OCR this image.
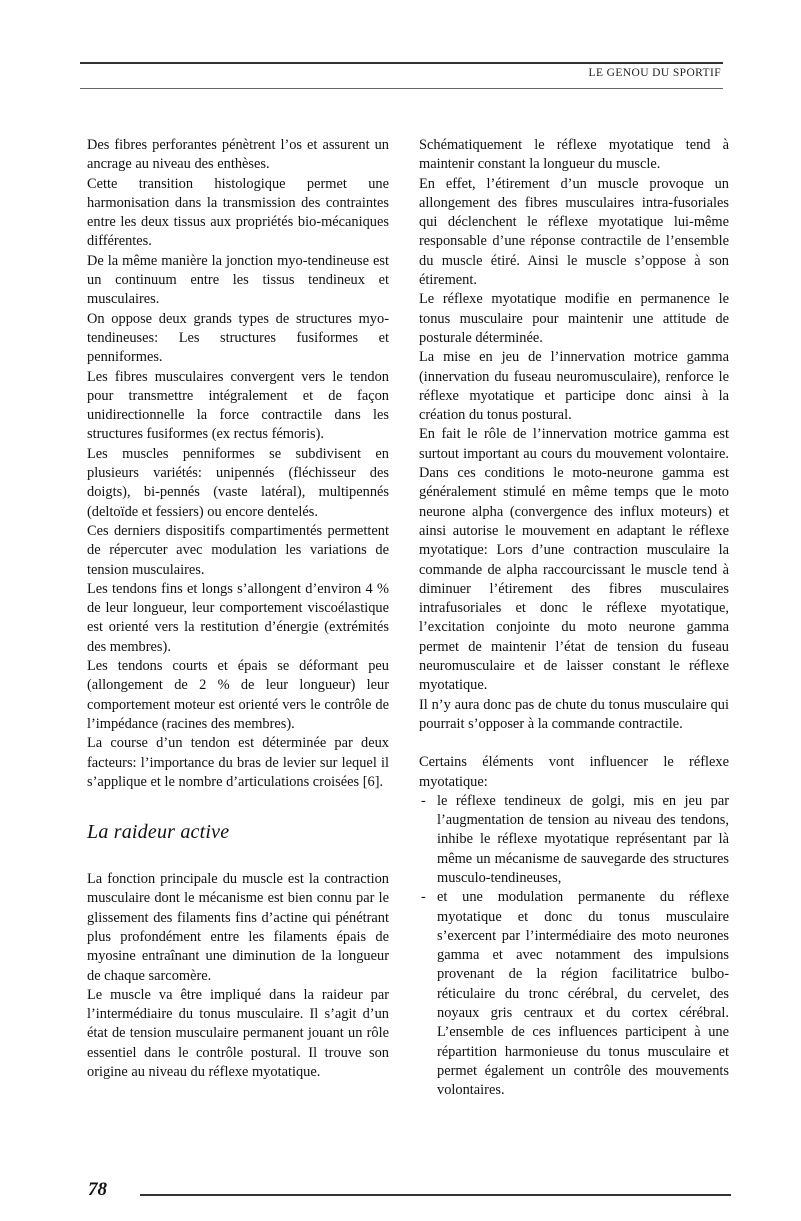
LE GENOU DU SPORTIF

Des fibres perforantes pénètrent l’os et assurent un ancrage au niveau des enthèses.

Cette transition histologique permet une harmonisation dans la transmission des contraintes entre les deux tissus aux propriétés bio-mécaniques différentes.

De la même manière la jonction myo-tendineuse est un continuum entre les tissus tendineux et musculaires.

On oppose deux grands types de structures myo-tendineuses: Les structures fusiformes et penniformes.

Les fibres musculaires convergent vers le tendon pour transmettre intégralement et de façon unidirectionnelle la force contractile dans les structures fusiformes (ex rectus fémoris).

Les muscles penniformes se subdivisent en plusieurs variétés: unipennés (fléchisseur des doigts), bi-pennés (vaste latéral), multipennés (deltoïde et fessiers) ou encore dentelés.

Ces derniers dispositifs compartimentés permettent de répercuter avec modulation les variations de tension musculaires.

Les tendons fins et longs s’allongent d’environ 4 % de leur longueur, leur comportement viscoélastique est orienté vers la restitution d’énergie (extrémités des membres).

Les tendons courts et épais se déformant peu (allongement de 2 % de leur longueur) leur comportement moteur est orienté vers le contrôle de l’impédance (racines des membres).

La course d’un tendon est déterminée par deux facteurs: l’importance du bras de levier sur lequel il s’applique et le nombre d’articulations croisées [6].

La raideur active

La fonction principale du muscle est la contraction musculaire dont le mécanisme est bien connu par le glissement des filaments fins d’actine qui pénétrant plus profondément entre les filaments épais de myosine entraînant une diminution de la longueur de chaque sarcomère.

Le muscle va être impliqué dans la raideur par l’intermédiaire du tonus musculaire. Il s’agit d’un état de tension musculaire permanent jouant un rôle essentiel dans le contrôle postural. Il trouve son origine au niveau du réflexe myotatique.

Schématiquement le réflexe myotatique tend à maintenir constant la longueur du muscle.

En effet, l’étirement d’un muscle provoque un allongement des fibres musculaires intra-fusoriales qui déclenchent le réflexe myotatique lui-même responsable d’une réponse contractile de l’ensemble du muscle étiré. Ainsi le muscle s’oppose à son étirement.

Le réflexe myotatique modifie en permanence le tonus musculaire pour maintenir une attitude de posturale déterminée.

La mise en jeu de l’innervation motrice gamma (innervation du fuseau neuromusculaire), renforce le réflexe myotatique et participe donc ainsi à la création du tonus postural.

En fait le rôle de l’innervation motrice gamma est surtout important au cours du mouvement volontaire. Dans ces conditions le moto-neurone gamma est généralement stimulé en même temps que le moto neurone alpha (convergence des influx moteurs) et ainsi autorise le mouvement en adaptant le réflexe myotatique: Lors d’une contraction musculaire la commande de alpha raccourcissant le muscle tend à diminuer l’étirement des fibres musculaires intrafusoriales et donc le réflexe myotatique, l’excitation conjointe du moto neurone gamma permet de maintenir l’état de tension du fuseau neuromusculaire et de laisser constant le réflexe myotatique.

Il n’y aura donc pas de chute du tonus musculaire qui pourrait s’opposer à la commande contractile.

Certains éléments vont influencer le réflexe myotatique:

- le réflexe tendineux de golgi, mis en jeu par l’augmentation de tension au niveau des tendons, inhibe le réflexe myotatique représentant par là même un mécanisme de sauvegarde des structures musculo-tendineuses,
- et une modulation permanente du réflexe myotatique et donc du tonus musculaire s’exercent par l’intermédiaire des moto neurones gamma et avec notamment des impulsions provenant de la région facilitatrice bulbo-réticulaire du tronc cérébral, du cervelet, des noyaux gris centraux et du cortex cérébral. L’ensemble de ces influences participent à une répartition harmonieuse du tonus musculaire et permet également un contrôle des mouvements volontaires.
78
